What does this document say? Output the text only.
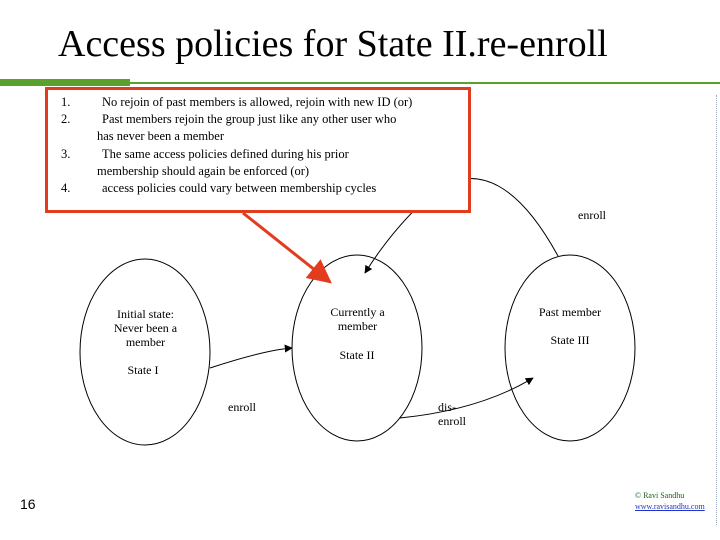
Access policies for State II.re-enroll
Initial state:
Never been a
member
State I
Currently a
member
State II
Past member
State III
enroll	dis-
enroll
enroll
1.	No rejoin of past members is allowed, rejoin with new ID (or)
2.	Past members rejoin the group just like any other user who
has never been a member
3.	The same access policies defined during his prior
membership should again be enforced (or)
4.	access policies could vary between membership cycles
16
© Ravi Sandhu
www.ravisandhu.com
